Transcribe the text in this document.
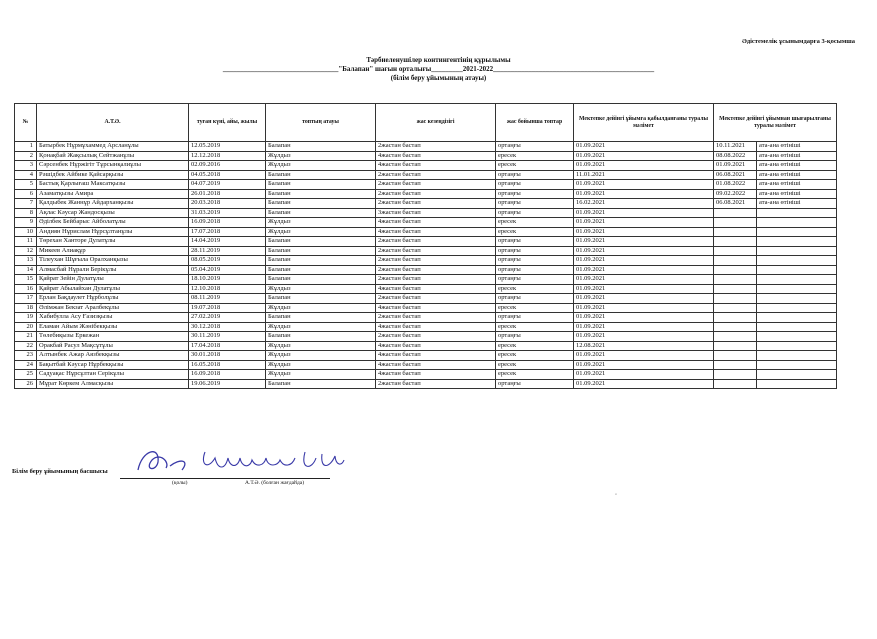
Әдістемелік ұсынымдарға 3-қосымша
Тәрбиеленушілер контингентінің құрылымы
_________________________________"Балапан" шағын орталығы_________2021-2022______________________________________________
(білім беру ұйымының атауы)
№	А.Т.Ә.	туған күні, айы, жылы	топтың атауы	жас кезеңдізігі	жас бойынша топтар	Мектепке дейінгі ұйымға қабылданғаны туралы мәлімет	Мектепке дейінгі ұйымнан шығарылғаны туралы мәлімет	
1	Батырбек Нұрмұхаммед Арсланұлы	12.05.2019	Балапан	2жастан бастап	ортаңғы	01.09.2021	10.11.2021	ата-ана өтініші
2	Қонақбай Жақсылық Сейтжанұлы	12.12.2018	Жұлдыз	4жастан бастап	ересек	01.09.2021	08.08.2022	ата-ана өтініші
3	Сәрсенбек Нұржігіт Тұрсынқалиұлы	02.09.2016	Жұлдыз	4жастан бастап	ересек	01.09.2021	01.09.2021	ата-ана өтініші
4	Рәшідбек Айбике Қайсарқызы	04.05.2018	Балапан	2жастан бастап	ортаңғы	11.01.2021	06.08.2021	ата-ана өтініші
5	Бастық Қарлығаш Максатқызы	04.07.2019	Балапан	2жастан бастап	ортаңғы	01.09.2021	01.08.2022	ата-ана өтініші
6	Азаматқызы Амира	26.01.2018	Балапан	2жастан бастап	ортаңғы	01.09.2021	09.02.2022	ата-ана өтініші
7	Қалдыбек Жаннұр Айдарханқызы	20.03.2018	Балапан	2жастан бастап	ортаңғы	16.02.2021	06.08.2021	ата-ана өтініші
8	Ақлас Кәусар Жандосқызы	31.03.2019	Балапан	3жастан бастап	ортаңғы	01.09.2021		
9	Әділбек Бейбарыс Айболатұлы	16.09.2018	Жұлдыз	4жастан бастап	ересек	01.09.2021		
10	Андиян Нұрислам Нұрсұлтанұлы	17.07.2018	Жұлдыз	4жастан бастап	ересек	01.09.2021		
11	Төрехан Ханторе Дулатұлы	14.04.2019	Балапан	2жастан бастап	ортаңғы	01.09.2021		
12	Микеев Алиақұр	28.11.2019	Балапан	2жастан бастап	ортаңғы	01.09.2021		
13	Тілеухан Шұғыла Оралханқызы	08.05.2019	Балапан	2жастан бастап	ортаңғы	01.09.2021		
14	Алмасбай Нұрали Берікұлы	05.04.2019	Балапан	2жастан бастап	ортаңғы	01.09.2021		
15	Қайрат Зейін Дулатұлы	18.10.2019	Балапан	2жастан бастап	ортаңғы	01.09.2021		
16	Қайрат Абылайхан Дулатұлы	12.10.2018	Жұлдыз	4жастан бастап	ересек	01.09.2021		
17	Ерлан Бақдаулет Нұрболұлы	08.11.2019	Балапан	2жастан бастап	ортаңғы	01.09.2021		
18	Әлімжан Бекзат Аралбекұлы	19.07.2018	Жұлдыз	4жастан бастап	ересек	01.09.2021		
19	Хабибулла Асу Ғазизқызы	27.02.2019	Балапан	2жастан бастап	ортаңғы	01.09.2021		
20	Еламан Айым Жәнібекқызы	30.12.2018	Жұлдыз	4жастан бастап	ересек	01.09.2021		
21	Төлебиқызы Еркежан	30.11.2019	Балапан	2жастан бастап	ортаңғы	01.09.2021		
22	Оракбай Расул Мақсұтұлы	17.04.2018	Жұлдыз	4жастан бастап	ересек	12.08.2021		
23	Алтынбек Ажар Аязбекқызы	30.01.2018	Жұлдыз	4жастан бастап	ересек	01.09.2021		
24	Бақытбай Кәусар Нұрбекқызы	16.05.2018	Жұлдыз	4жастан бастап	ересек	01.09.2021		
25	Садуақас Нұрсұлтан Серікұлы	16.09.2018	Жұлдыз	4жастан бастап	ересек	01.09.2021		
26	Мұрат Көркем Алмасқызы	19.06.2019	Балапан	2жастан бастап	ортаңғы	01.09.2021		
Білім беру ұйымының басшысы
(қолы)	А.Т.Ә. (болған жағдайда)
◦
